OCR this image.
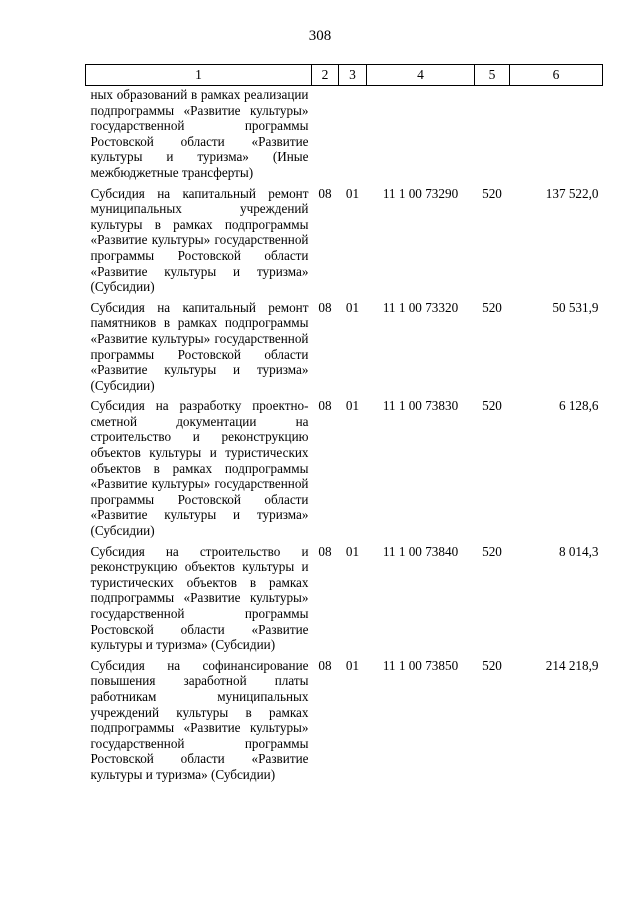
308
1	2	3	4	5	6
ных образований в рамках реализации подпрограммы «Развитие культуры» государственной программы Ростовской области «Развитие культуры и туризма» (Иные межбюджетные трансферты)					
Субсидия на капитальный ремонт муниципальных учреждений культуры в рамках подпрограммы «Развитие культуры» государственной программы Ростовской области «Развитие культуры и туризма» (Субсидии)	08	01	11 1 00 73290	520	137 522,0
Субсидия на капитальный ремонт памятников в рамках подпрограммы «Развитие культуры» государственной программы Ростовской области «Развитие культуры и туризма» (Субсидии)	08	01	11 1 00 73320	520	50 531,9
Субсидия на разработку проектно-сметной документации на строительство и реконструкцию объектов культуры и туристических объектов в рамках подпрограммы «Развитие культуры» государственной программы Ростовской области «Развитие культуры и туризма» (Субсидии)	08	01	11 1 00 73830	520	6 128,6
Субсидия на строительство и реконструкцию объектов культуры и туристических объектов в рамках подпрограммы «Развитие культуры» государственной программы Ростовской области «Развитие культуры и туризма» (Субсидии)	08	01	11 1 00 73840	520	8 014,3
Субсидия на софинансирование повышения заработной платы работникам муниципальных учреждений культуры в рамках подпрограммы «Развитие культуры» государственной программы Ростовской области «Развитие культуры и туризма» (Субсидии)	08	01	11 1 00 73850	520	214 218,9
